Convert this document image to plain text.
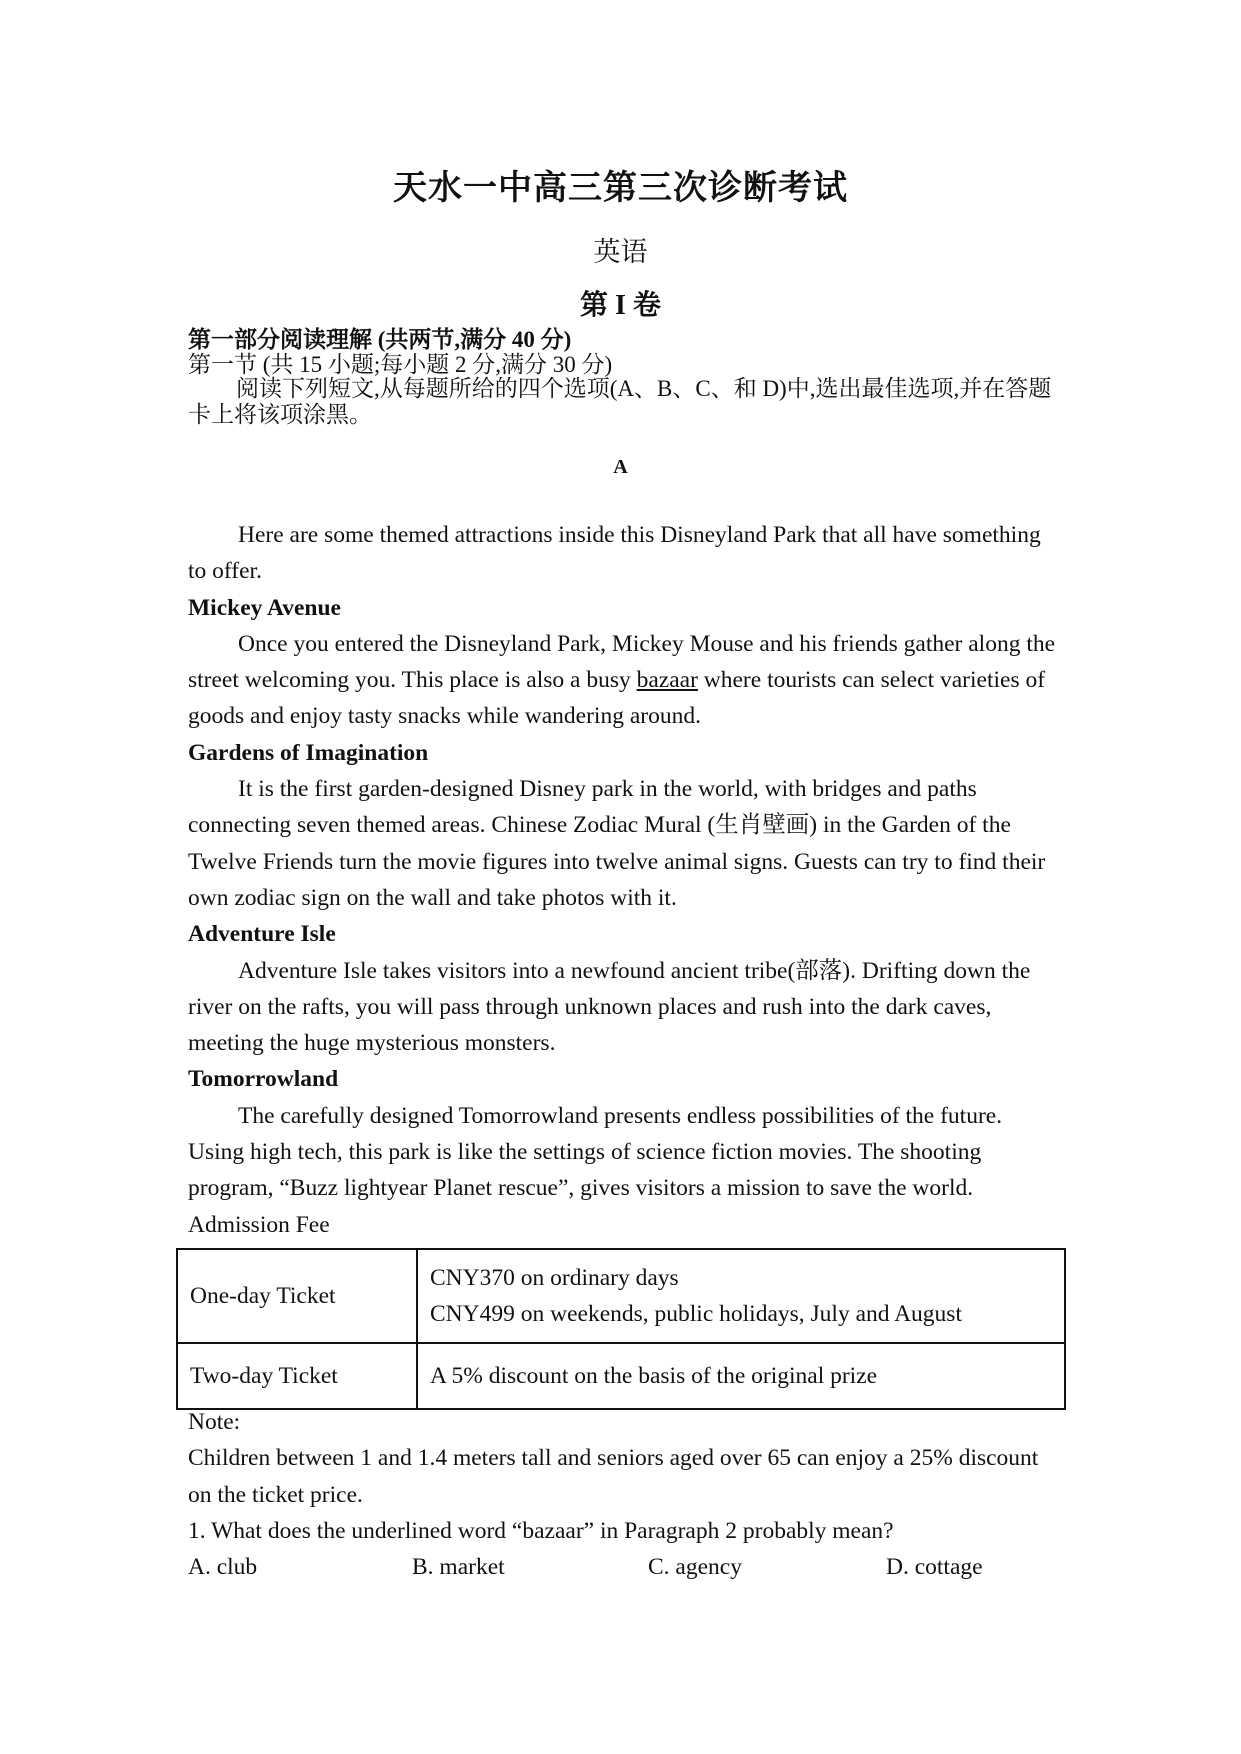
天水一中高三第三次诊断考试
英语
第 I 卷
第一部分阅读理解 (共两节,满分 40 分)
第一节 (共 15 小题;每小题 2 分,满分 30 分)
阅读下列短文,从每题所给的四个选项(A、B、C、和 D)中,选出最佳选项,并在答题卡上将该项涂黑。
A

Here are some themed attractions inside this Disneyland Park that all have something to offer.

Mickey Avenue

Once you entered the Disneyland Park, Mickey Mouse and his friends gather along the street welcoming you. This place is also a busy bazaar where tourists can select varieties of goods and enjoy tasty snacks while wandering around.

Gardens of Imagination

It is the first garden-designed Disney park in the world, with bridges and paths connecting seven themed areas. Chinese Zodiac Mural (生肖壁画) in the Garden of the Twelve Friends turn the movie figures into twelve animal signs. Guests can try to find their own zodiac sign on the wall and take photos with it.

Adventure Isle

Adventure Isle takes visitors into a newfound ancient tribe(部落). Drifting down the river on the rafts, you will pass through unknown places and rush into the dark caves, meeting the huge mysterious monsters.

Tomorrowland

The carefully designed Tomorrowland presents endless possibilities of the future. Using high tech, this park is like the settings of science fiction movies. The shooting program, “Buzz lightyear Planet rescue”, gives visitors a mission to save the world.

Admission Fee

One-day Ticket	CNY370 on ordinary days
CNY499 on weekends, public holidays, July and August

Two-day Ticket	A 5% discount on the basis of the original prize

Note:

Children between 1 and 1.4 meters tall and seniors aged over 65 can enjoy a 25% discount on the ticket price.

1. What does the underlined word “bazaar” in Paragraph 2 probably mean?

A. club	B. market	C. agency	D. cottage
